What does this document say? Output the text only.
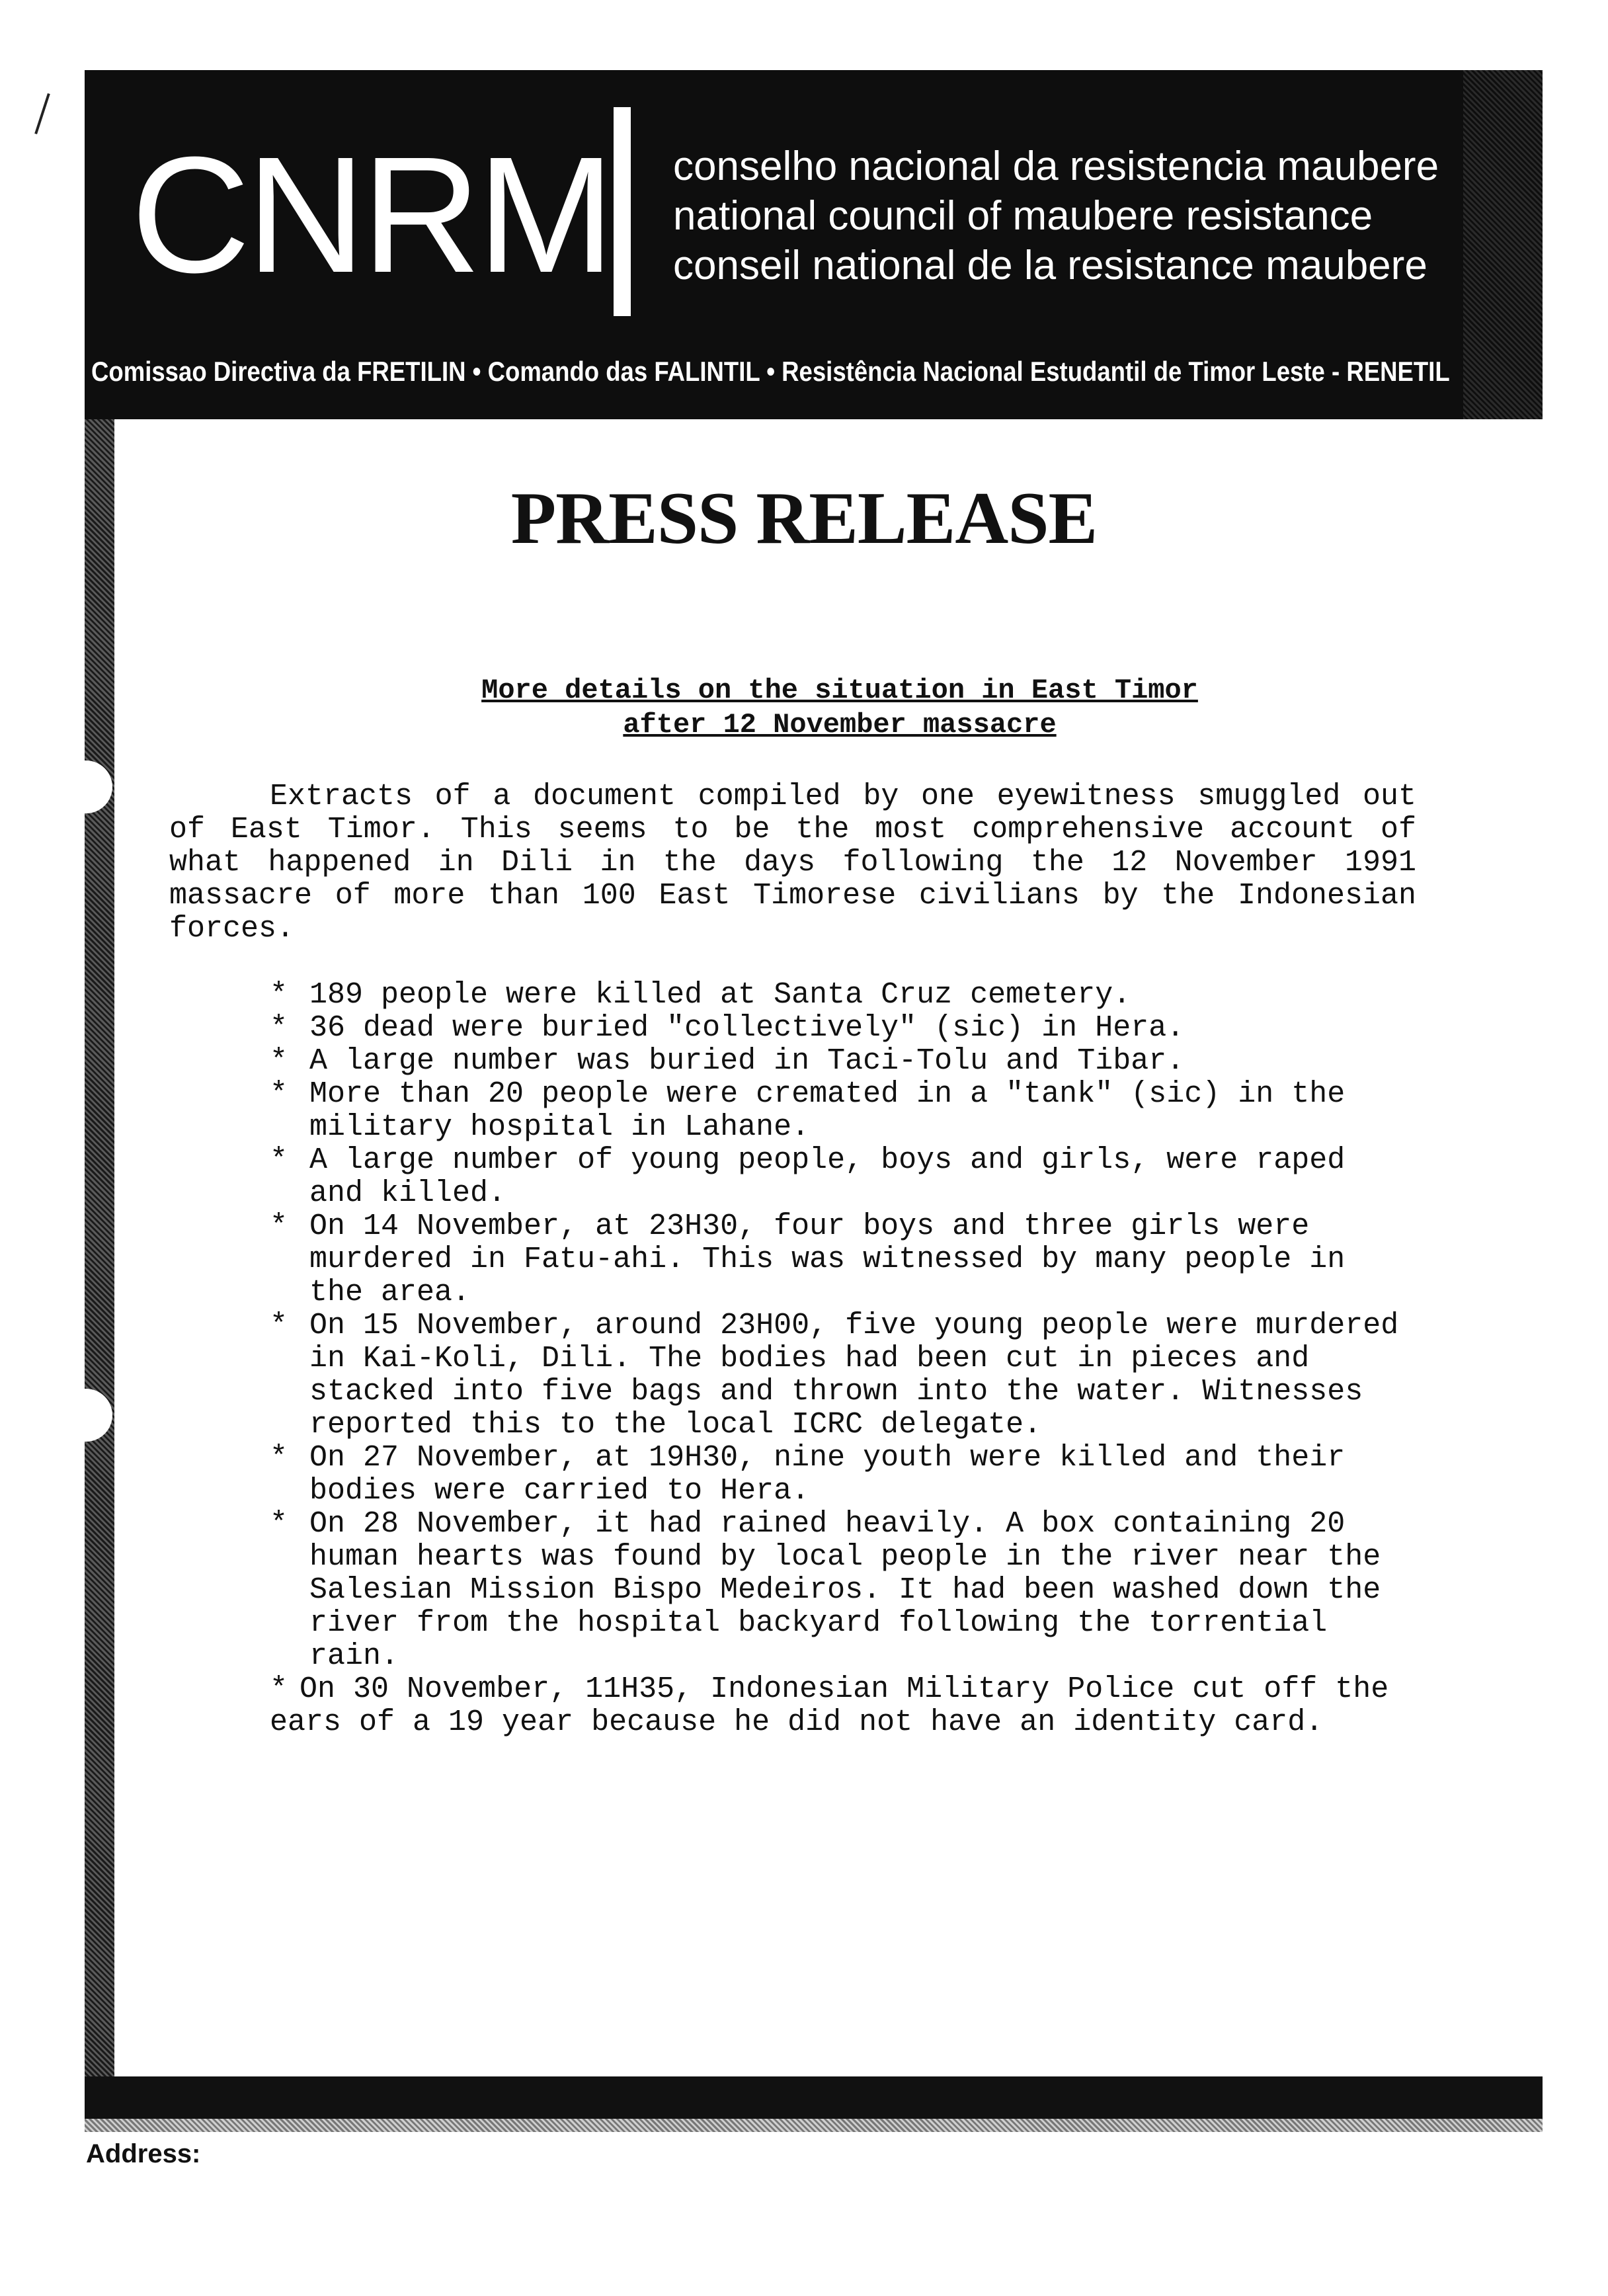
CNRM conselho nacional da resistencia maubere
national council of maubere resistance
conseil national de la resistance maubere
Comissao Directiva da FRETILIN • Comando das FALINTIL • Resistência Nacional Estudantil de Timor Leste - RENETIL
PRESS RELEASE
More details on the situation in East Timor
after 12 November massacre

Extracts of a document compiled by one eyewitness smuggled out of East Timor. This seems to be the most comprehensive account of what happened in Dili in the days following the 12 November 1991 massacre of more than 100 East Timorese civilians by the Indonesian forces.

* 189 people were killed at Santa Cruz cemetery.
* 36 dead were buried "collectively" (sic) in Hera.
* A large number was buried in Taci-Tolu and Tibar.
* More than 20 people were cremated in a "tank" (sic) in the military hospital in Lahane.
* A large number of young people, boys and girls, were raped and killed.
* On 14 November, at 23H30, four boys and three girls were murdered in Fatu-ahi. This was witnessed by many people in the area.
* On 15 November, around 23H00, five young people were murdered in Kai-Koli, Dili. The bodies had been cut in pieces and stacked into five bags and thrown into the water. Witnesses reported this to the local ICRC delegate.
* On 27 November, at 19H30, nine youth were killed and their bodies were carried to Hera.
* On 28 November, it had rained heavily. A box containing 20 human hearts was found by local people in the river near the Salesian Mission Bispo Medeiros. It had been washed down the river from the hospital backyard following the torrential rain.
* On 30 November, 11H35, Indonesian Military Police cut off the ears of a 19 year because he did not have an identity card.
Address:
